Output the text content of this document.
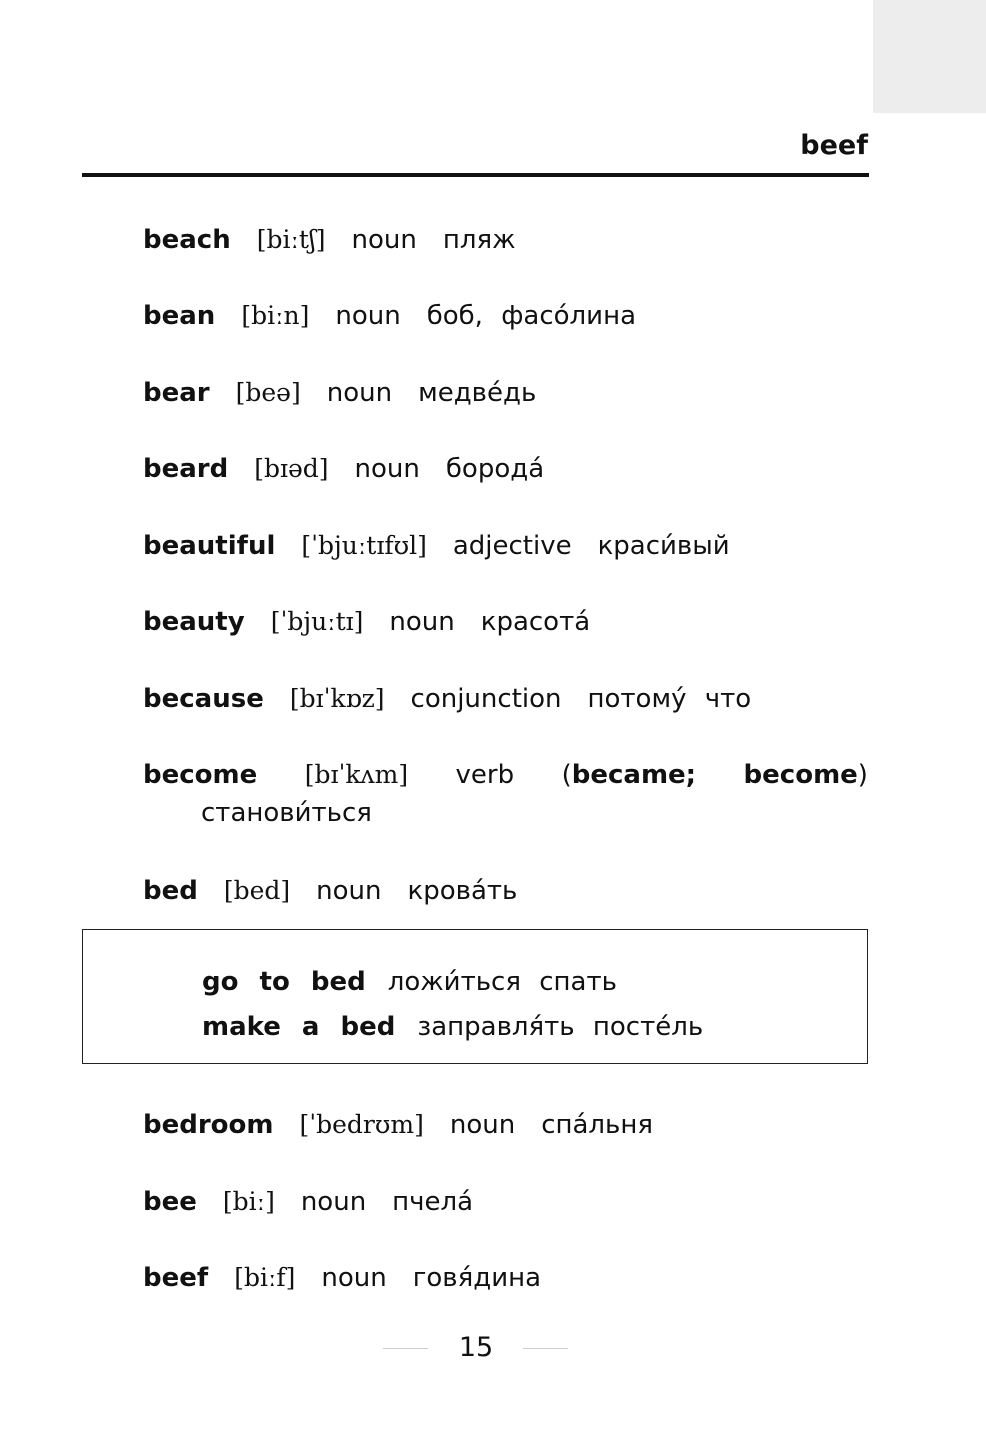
beef
beach [biːtʃ] noun пляж
bean [biːn] noun боб, фасо́лина
bear [beə] noun медве́дь
beard [bɪəd] noun борода́
beautiful [ˈbjuːtɪfʊl] adjective краси́вый
beauty [ˈbjuːtɪ] noun красота́
because [bɪˈkɒz] conjunction потому́ что
become [bɪˈkʌm] verb (became; become)
станови́ться
bed [bed] noun крова́ть
go to bed ложи́ться спать
make a bed заправля́ть посте́ль
bedroom [ˈbedrʊm] noun спа́льня
bee [biː] noun пчела́
beef [biːf] noun говя́дина
15
